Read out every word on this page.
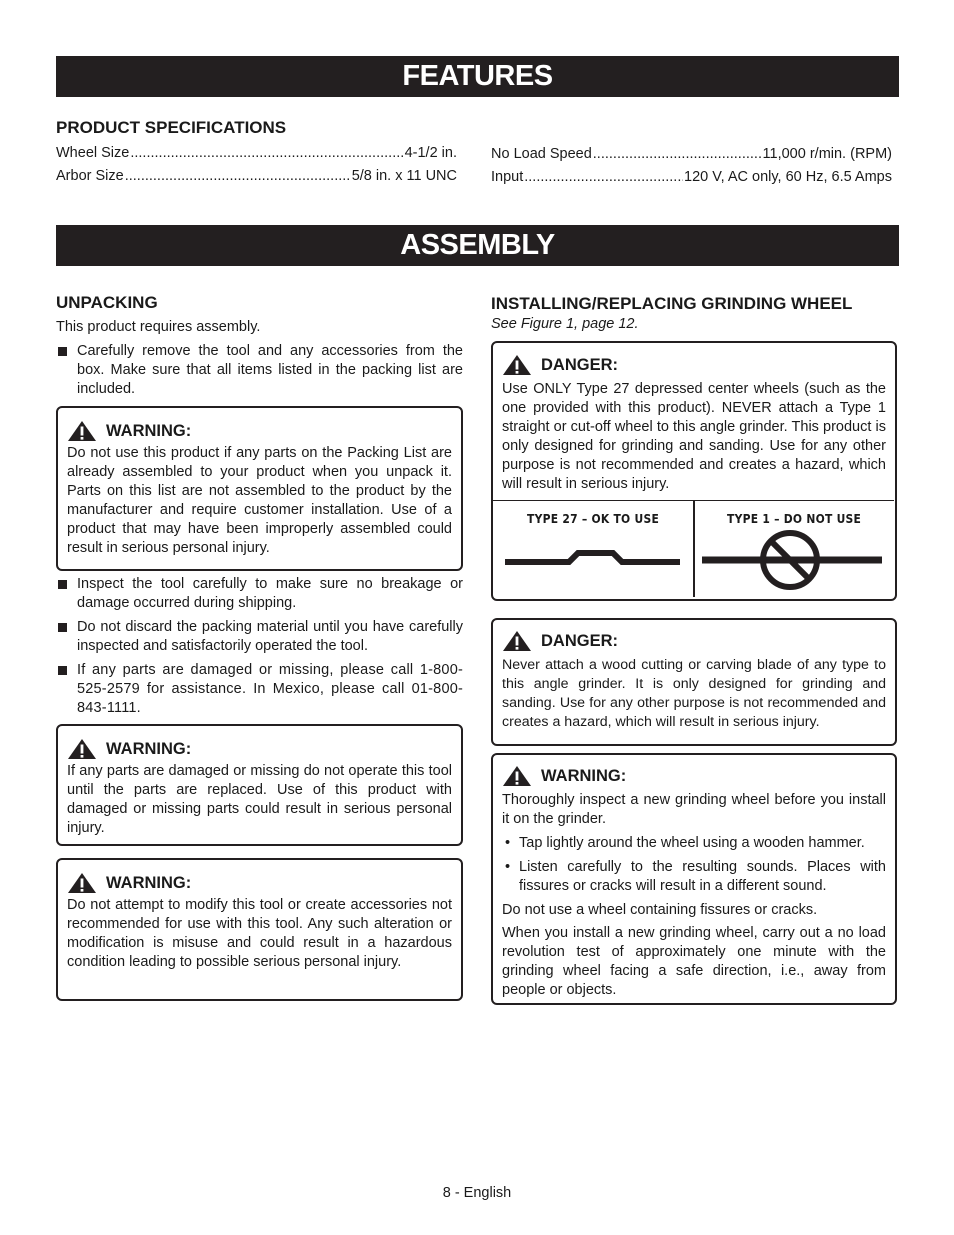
FEATURES
PRODUCT SPECIFICATIONS
Wheel Size .....	4-1/2 in.
Arbor Size .....	5/8 in. x 11 UNC
No Load Speed .....	11,000 r/min. (RPM)
Input .....	120 V, AC only, 60 Hz, 6.5 Amps
ASSEMBLY
UNPACKING
This product requires assembly.
Carefully remove the tool and any accessories from the box. Make sure that all items listed in the packing list are included.
WARNING:
Do not use this product if any parts on the Packing List are already assembled to your product when you unpack it. Parts on this list are not assembled to the product by the manufacturer and require customer installation. Use of a product that may have been improperly assembled could result in serious personal injury.
Inspect the tool carefully to make sure no breakage or damage occurred during shipping.
Do not discard the packing material until you have carefully inspected and satisfactorily operated the tool.
If any parts are damaged or missing, please call 1-800-525-2579 for assistance. In Mexico, please call 01-800-843-1111.
WARNING:
If any parts are damaged or missing do not operate this tool until the parts are replaced. Use of this product with damaged or missing parts could result in serious personal injury.
WARNING:
Do not attempt to modify this tool or create accessories not recommended for use with this tool. Any such alteration or modification is misuse and could result in a hazardous condition leading to possible serious personal injury.
INSTALLING/REPLACING GRINDING WHEEL
See Figure 1, page 12.
DANGER:
Use ONLY Type 27 depressed center wheels (such as the one provided with this product). NEVER attach a Type 1 straight or cut-off wheel to this angle grinder. This product is only designed for grinding and sanding. Use for any other purpose is not recommended and creates a hazard, which will result in serious injury.
TYPE 27 – OK TO USE	TYPE 1 – DO NOT USE
DANGER:
Never attach a wood cutting or carving blade of any type to this angle grinder. It is only designed for grinding and sanding. Use for any other purpose is not recommended and creates a hazard, which will result in serious injury.
WARNING:
Thoroughly inspect a new grinding wheel before you install it on the grinder.
• Tap lightly around the wheel using a wooden hammer.
• Listen carefully to the resulting sounds. Places with fissures or cracks will result in a different sound.
Do not use a wheel containing fissures or cracks.
When you install a new grinding wheel, carry out a no load revolution test of approximately one minute with the grinding wheel facing a safe direction, i.e., away from people or objects.
8 - English
